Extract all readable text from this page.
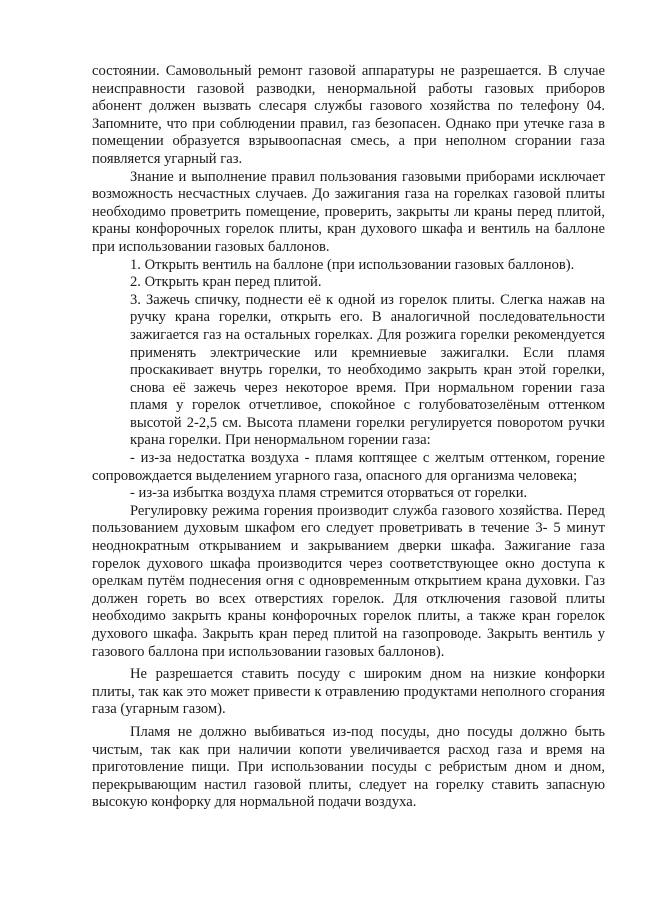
состоянии. Самовольный ремонт газовой аппаратуры не разрешается. В случае неисправности газовой разводки, ненормальной работы газовых приборов абонент должен вызвать слесаря службы газового хозяйства по телефону 04. Запомните, что при соблюдении правил, газ безопасен. Однако при утечке газа в помещении образуется взрывоопасная смесь, а при неполном сгорании газа появляется угарный газ.

Знание и выполнение правил пользования газовыми приборами исключает возможность несчастных случаев. До зажигания газа на горелках газовой плиты необходимо проветрить помещение, проверить, закрыты ли краны перед плитой, краны конфорочных горелок плиты, кран духового шкафа и вентиль на баллоне при использовании газовых баллонов.

1. Открыть вентиль на баллоне (при использовании газовых баллонов).

2. Открыть кран перед плитой.

3. Зажечь спичку, поднести её к одной из горелок плиты. Слегка нажав на ручку крана горелки, открыть его. В аналогичной последовательности зажигается газ на остальных горелках. Для розжига горелки рекомендуется применять электрические или кремниевые зажигалки. Если пламя проскакивает внутрь горелки, то необходимо закрыть кран этой горелки, снова её зажечь через некоторое время. При нормальном горении газа пламя у горелок отчетливое, спокойное с голубоватозелёным оттенком высотой 2-2,5 см. Высота пламени горелки регулируется поворотом ручки крана горелки. При ненормальном горении газа:

- из-за недостатка воздуха - пламя коптящее с желтым оттенком, горение сопровождается выделением угарного газа, опасного для организма человека;

- из-за избытка воздуха пламя стремится оторваться от горелки.

Регулировку режима горения производит служба газового хозяйства. Перед пользованием духовым шкафом его следует проветривать в течение 3- 5 минут неоднократным открыванием и закрыванием дверки шкафа. Зажигание газа горелок духового шкафа производится через соответствующее окно доступа к орелкам путём поднесения огня с одновременным открытием крана духовки. Газ должен гореть во всех отверстиях горелок. Для отключения газовой плиты необходимо закрыть краны конфорочных горелок плиты, а также кран горелок духового шкафа. Закрыть кран перед плитой на газопроводе. Закрыть вентиль у газового баллона при использовании газовых баллонов).

Не разрешается ставить посуду с широким дном на низкие конфорки плиты, так как это может привести к отравлению продуктами неполного сгорания газа (угарным газом).

Пламя не должно выбиваться из-под посуды, дно посуды должно быть чистым, так как при наличии копоти увеличивается расход газа и время на приготовление пищи. При использовании посуды с ребристым дном и дном, перекрывающим настил газовой плиты, следует на горелку ставить запасную высокую конфорку для нормальной подачи воздуха.
